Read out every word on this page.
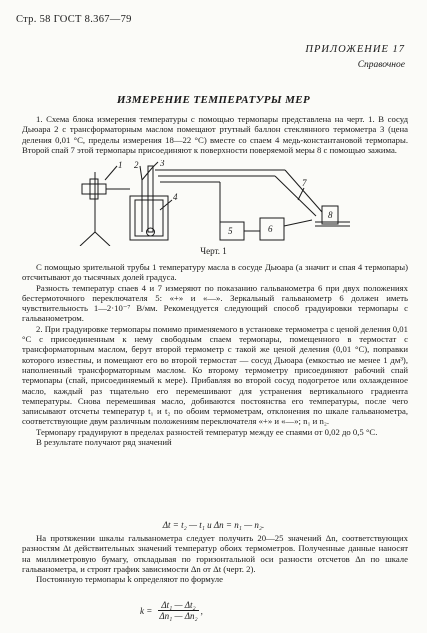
Стр. 58 ГОСТ 8.367—79
ПРИЛОЖЕНИЕ 17
Справочное
ИЗМЕРЕНИЕ ТЕМПЕРАТУРЫ МЕР

1. Схема блока измерения температуры с помощью термопары представлена на черт. 1. В сосуд Дьюара 2 с трансформаторным маслом помещают ртутный баллон стеклянного термометра 3 (цена деления 0,01 °С, пределы измерения 18—22 °С) вместе со спаем 4 медь-константановой термопары. Второй спай 7 этой термопары присоединяют к поверхности поверяемой меры 8 с помощью зажима.

1 2 3
4
5	6
7
8
Черт. 1

С помощью зрительной трубы 1 температуру масла в сосуде Дьюара (а значит и спая 4 термопары) отсчитывают до тысячных долей градуса.

Разность температур спаев 4 и 7 измеряют по показанию гальванометра 6 при двух положениях бестермоточного переключателя 5: «+» и «—». Зеркальный гальванометр 6 должен иметь чувствительность 1—2·10⁻⁷ В/мм. Рекомендуется следующий способ градуировки термопары с гальванометром.

2. При градуировке термопары помимо применяемого в установке термометра с ценой деления 0,01 °С с присоединенным к нему свободным спаем термопары, помещенного в термостат с трансформаторным маслом, берут второй термометр с такой же ценой деления (0,01 °С), поправки которого известны, и помещают его во второй термостат — сосуд Дьюара (емкостью не менее 1 дм³), наполненный трансформаторным маслом. Ко второму термометру присоединяют рабочий спай термопары (спай, присоединяемый к мере). Прибавляя во второй сосуд подогретое или охлажденное масло, каждый раз тщательно его перемешивают для устранения вертикального градиента температуры. Снова перемешивая масло, добиваются постоянства его температуры, после чего записывают отсчеты температур t₁ и t₂ по обоим термометрам, отклонения по шкале гальванометра, соответствующие двум различным положениям переключателя «+» и «—»; n₁ и n₂.

Термопару градуируют в пределах разностей температур между ее спаями от 0,02 до 0,5 °С.

В результате получают ряд значений

Δt = t₂ — t₁ и Δn = n₁ — n₂.

На протяжении шкалы гальванометра следует получить 20—25 значений Δn, соответствующих разностям Δt действительных значений температур обоих термометров. Полученные данные наносят на миллиметровую бумагу, откладывая по горизонтальной оси разности отсчетов Δn по шкале гальванометра, и строят график зависимости Δn от Δt (черт. 2).

Постоянную термопары k определяют по формуле

$k = \frac{\text{Δt₁ — Δt₂}}{\text{Δn₁ — Δn₂}}$ ,
